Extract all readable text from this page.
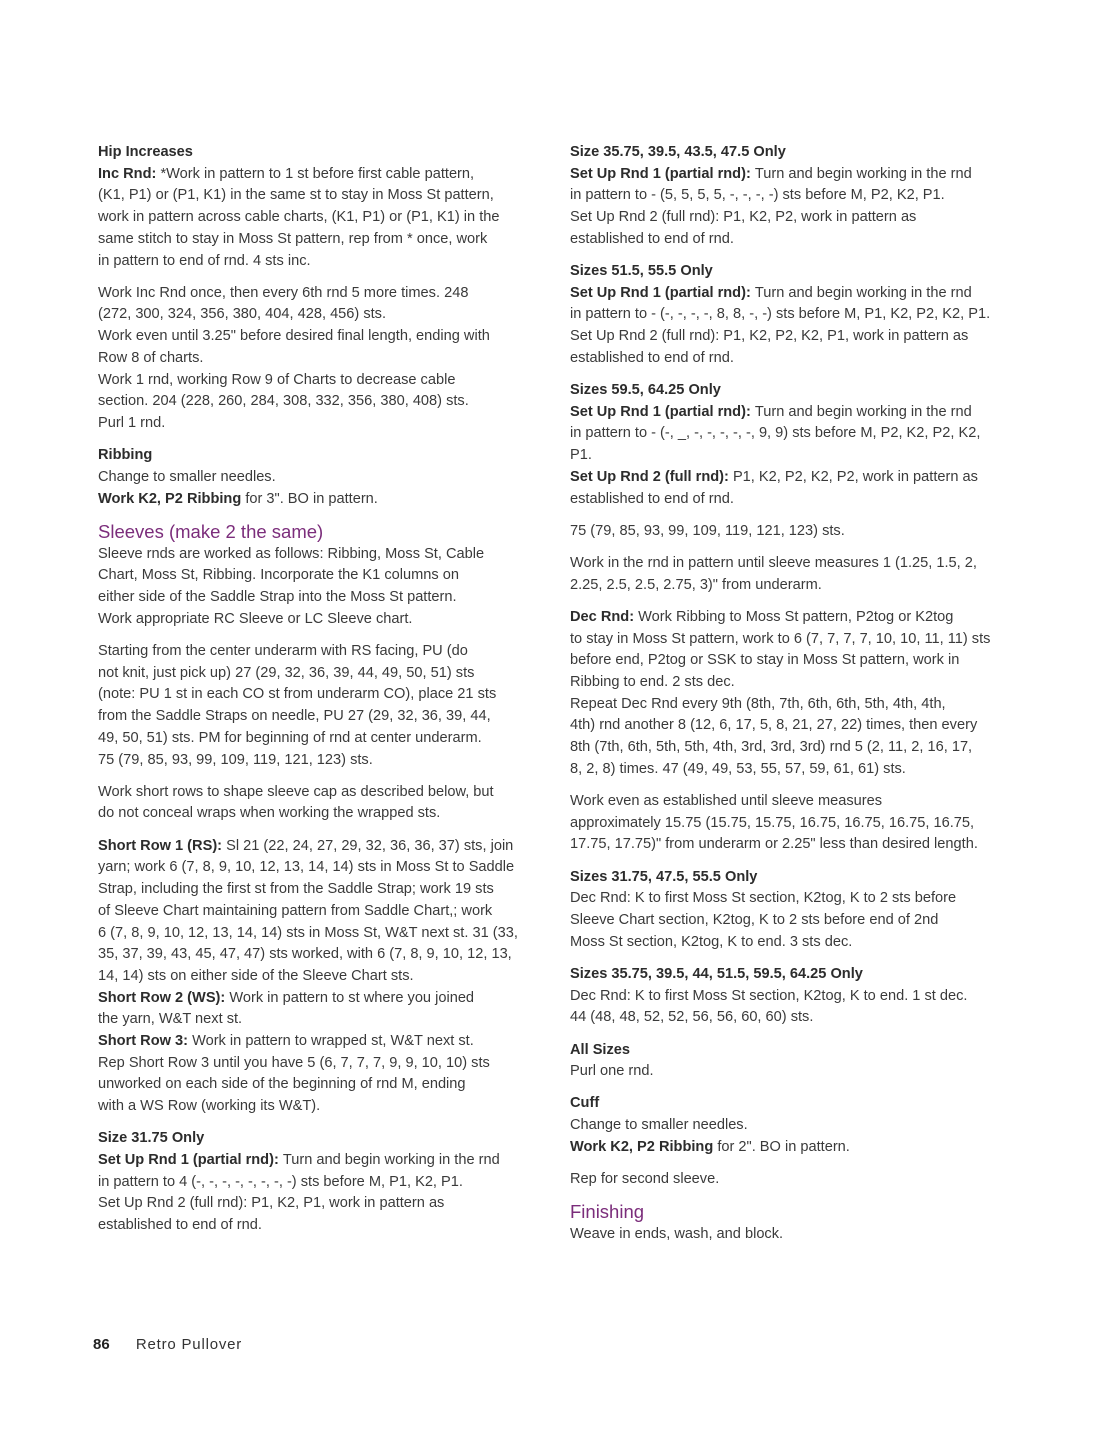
Hip Increases

Inc Rnd: *Work in pattern to 1 st before first cable pattern,

(K1, P1) or (P1, K1) in the same st to stay in Moss St pattern,

work in pattern across cable charts, (K1, P1) or (P1, K1) in the

same stitch to stay in Moss St pattern, rep from * once, work

in pattern to end of rnd. 4 sts inc.

Work Inc Rnd once, then every 6th rnd 5 more times. 248

(272, 300, 324, 356, 380, 404, 428, 456) sts.

Work even until 3.25" before desired final length, ending with

Row 8 of charts.

Work 1 rnd, working Row 9 of Charts to decrease cable

section. 204 (228, 260, 284, 308, 332, 356, 380, 408) sts.

Purl 1 rnd.

Ribbing

Change to smaller needles.

Work K2, P2 Ribbing for 3". BO in pattern.

Sleeves (make 2 the same)

Sleeve rnds are worked as follows: Ribbing, Moss St, Cable

Chart, Moss St, Ribbing. Incorporate the K1 columns on

either side of the Saddle Strap into the Moss St pattern.

Work appropriate RC Sleeve or LC Sleeve chart.

Starting from the center underarm with RS facing, PU (do

not knit, just pick up) 27 (29, 32, 36, 39, 44, 49, 50, 51) sts

(note: PU 1 st in each CO st from underarm CO), place 21 sts

from the Saddle Straps on needle, PU 27 (29, 32, 36, 39, 44,

49, 50, 51) sts. PM for beginning of rnd at center underarm.

75 (79, 85, 93, 99, 109, 119, 121, 123) sts.

Work short rows to shape sleeve cap as described below, but

do not conceal wraps when working the wrapped sts.

Short Row 1 (RS): Sl 21 (22, 24, 27, 29, 32, 36, 36, 37) sts, join

yarn; work 6 (7, 8, 9, 10, 12, 13, 14, 14) sts in Moss St to Saddle

Strap, including the first st from the Saddle Strap; work 19 sts

of Sleeve Chart maintaining pattern from Saddle Chart,; work

6 (7, 8, 9, 10, 12, 13, 14, 14) sts in Moss St, W&T next st. 31 (33,

35, 37, 39, 43, 45, 47, 47) sts worked, with 6 (7, 8, 9, 10, 12, 13,

14, 14) sts on either side of the Sleeve Chart sts.

Short Row 2 (WS): Work in pattern to st where you joined

the yarn, W&T next st.

Short Row 3: Work in pattern to wrapped st, W&T next st.

Rep Short Row 3 until you have 5 (6, 7, 7, 7, 9, 9, 10, 10) sts

unworked on each side of the beginning of rnd M, ending

with a WS Row (working its W&T).

Size 31.75 Only

Set Up Rnd 1 (partial rnd): Turn and begin working in the rnd

in pattern to 4 (-, -, -, -, -, -, -, -) sts before M, P1, K2, P1.

Set Up Rnd 2 (full rnd): P1, K2, P1, work in pattern as

established to end of rnd.

Size 35.75, 39.5, 43.5, 47.5 Only

Set Up Rnd 1 (partial rnd): Turn and begin working in the rnd

in pattern to - (5, 5, 5, 5, -, -, -, -) sts before M, P2, K2, P1.

Set Up Rnd 2 (full rnd): P1, K2, P2, work in pattern as

established to end of rnd.

Sizes 51.5, 55.5 Only

Set Up Rnd 1 (partial rnd): Turn and begin working in the rnd

in pattern to - (-, -, -, -, 8, 8, -, -) sts before M, P1, K2, P2, K2, P1.

Set Up Rnd 2 (full rnd): P1, K2, P2, K2, P1, work in pattern as

established to end of rnd.

Sizes 59.5, 64.25 Only

Set Up Rnd 1 (partial rnd): Turn and begin working in the rnd

in pattern to - (-, _, -, -, -, -, -, 9, 9) sts before M, P2, K2, P2, K2,

P1.

Set Up Rnd 2 (full rnd): P1, K2, P2, K2, P2, work in pattern as

established to end of rnd.

75 (79, 85, 93, 99, 109, 119, 121, 123) sts.

Work in the rnd in pattern until sleeve measures 1 (1.25, 1.5, 2,

2.25, 2.5, 2.5, 2.75, 3)" from underarm.

Dec Rnd: Work Ribbing to Moss St pattern, P2tog or K2tog

to stay in Moss St pattern, work to 6 (7, 7, 7, 7, 10, 10, 11, 11) sts

before end, P2tog or SSK to stay in Moss St pattern, work in

Ribbing to end. 2 sts dec.

Repeat Dec Rnd every 9th (8th, 7th, 6th, 6th, 5th, 4th, 4th,

4th) rnd another 8 (12, 6, 17, 5, 8, 21, 27, 22) times, then every

8th (7th, 6th, 5th, 5th, 4th, 3rd, 3rd, 3rd) rnd 5 (2, 11, 2, 16, 17,

8, 2, 8) times. 47 (49, 49, 53, 55, 57, 59, 61, 61) sts.

Work even as established until sleeve measures

approximately 15.75 (15.75, 15.75, 16.75, 16.75, 16.75, 16.75,

17.75, 17.75)" from underarm or 2.25" less than desired length.

Sizes 31.75, 47.5, 55.5 Only

Dec Rnd: K to first Moss St section, K2tog, K to 2 sts before

Sleeve Chart section, K2tog, K to 2 sts before end of 2nd

Moss St section, K2tog, K to end. 3 sts dec.

Sizes 35.75, 39.5, 44, 51.5, 59.5, 64.25 Only

Dec Rnd: K to first Moss St section, K2tog, K to end. 1 st dec.

44 (48, 48, 52, 52, 56, 56, 60, 60) sts.

All Sizes

Purl one rnd.

Cuff

Change to smaller needles.

Work K2, P2 Ribbing for 2". BO in pattern.

Rep for second sleeve.

Finishing

Weave in ends, wash, and block.

86 Retro Pullover
